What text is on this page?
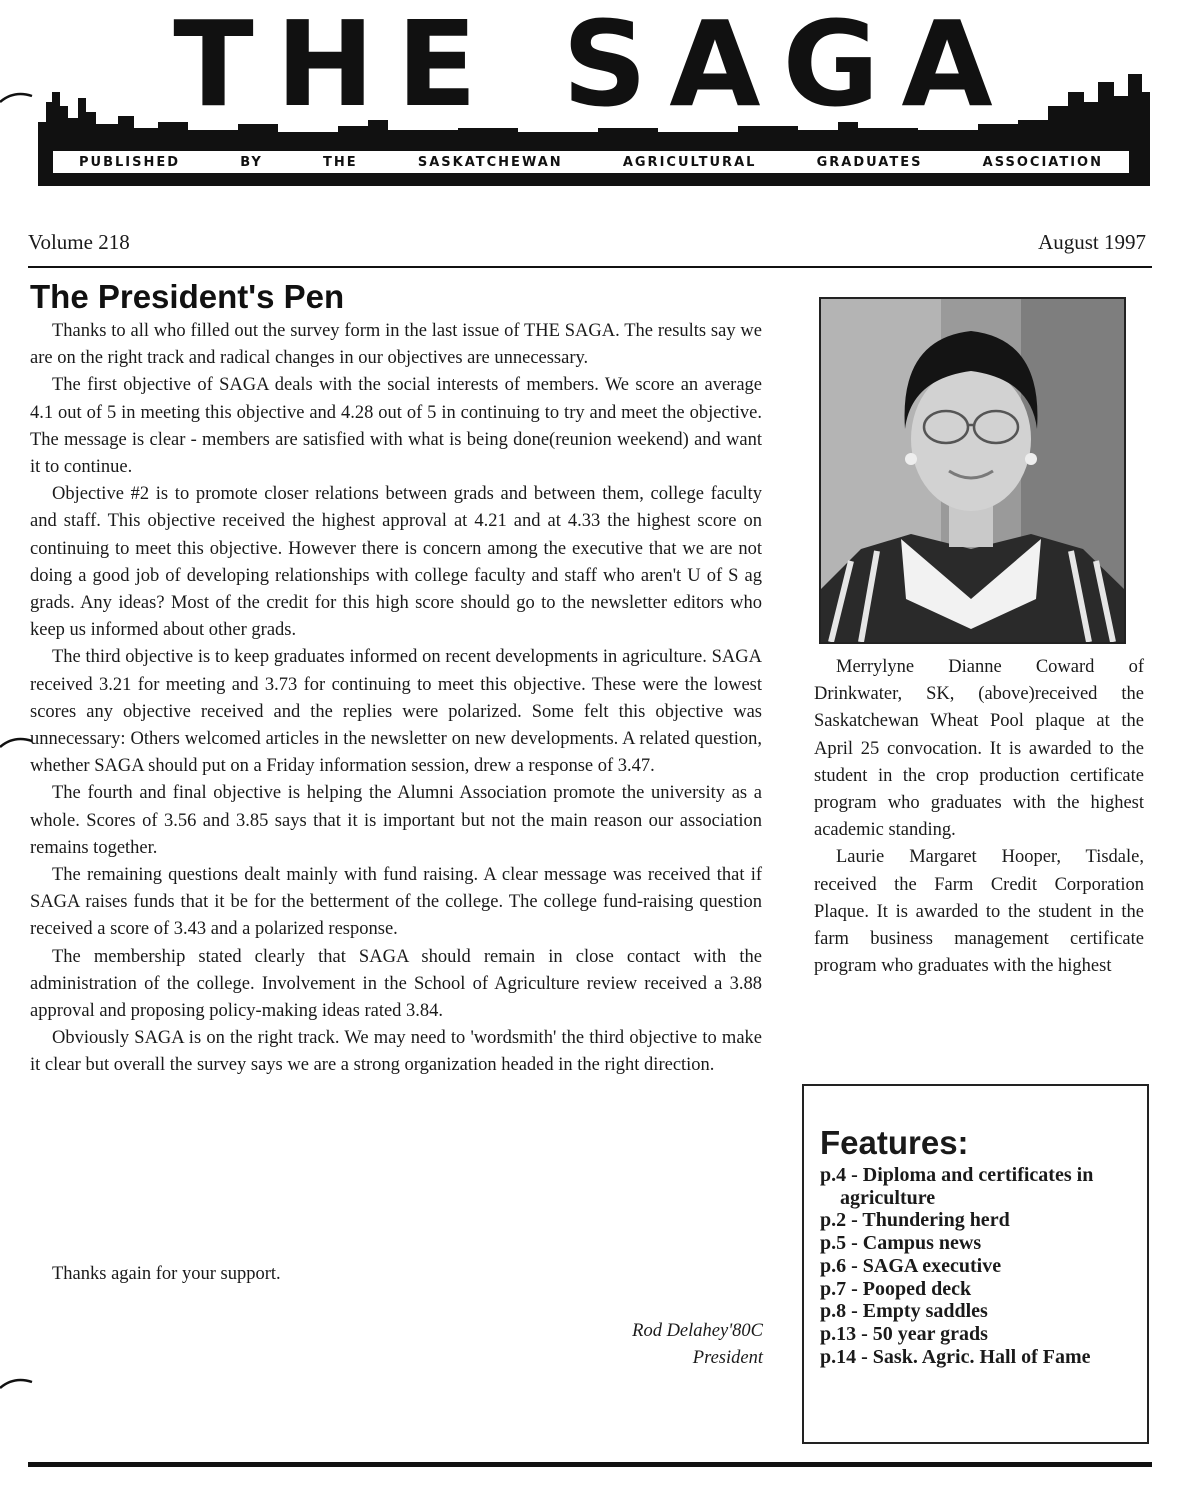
THE SAGA
PUBLISHED	BY	THE	SASKATCHEWAN	AGRICULTURAL	GRADUATES	ASSOCIATION
Volume 218	August 1997
The President's Pen

Thanks to all who filled out the survey form in the last issue of THE SAGA. The results say we are on the right track and radical changes in our objectives are unnecessary.

The first objective of SAGA deals with the social interests of members. We score an average 4.1 out of 5 in meeting this objective and 4.28 out of 5 in continuing to try and meet the objective. The message is clear - members are satisfied with what is being done(reunion weekend) and want it to continue.

Objective #2 is to promote closer relations between grads and between them, college faculty and staff. This objective received the highest approval at 4.21 and at 4.33 the highest score on continuing to meet this objective. However there is concern among the executive that we are not doing a good job of developing relationships with college faculty and staff who aren't U of S ag grads. Any ideas? Most of the credit for this high score should go to the newsletter editors who keep us informed about other grads.

The third objective is to keep graduates informed on recent developments in agriculture. SAGA received 3.21 for meeting and 3.73 for continuing to meet this objective. These were the lowest scores any objective received and the replies were polarized. Some felt this objective was unnecessary: Others welcomed articles in the newsletter on new developments. A related question, whether SAGA should put on a Friday information session, drew a response of 3.47.

The fourth and final objective is helping the Alumni Association promote the university as a whole. Scores of 3.56 and 3.85 says that it is important but not the main reason our association remains together.

The remaining questions dealt mainly with fund raising. A clear message was received that if SAGA raises funds that it be for the betterment of the college. The college fund-raising question received a score of 3.43 and a polarized response.

The membership stated clearly that SAGA should remain in close contact with the administration of the college. Involvement in the School of Agriculture review received a 3.88 approval and proposing policy-making ideas rated 3.84.

Obviously SAGA is on the right track. We may need to 'wordsmith' the third objective to make it clear but overall the survey says we are a strong organization headed in the right direction.

Thanks again for your support.
Rod Delahey'80C
President

Merrylyne Dianne Coward of Drinkwater, SK, (above)received the Saskatchewan Wheat Pool plaque at the April 25 convocation. It is awarded to the student in the crop production certificate program who graduates with the highest academic standing.

Laurie Margaret Hooper, Tisdale, received the Farm Credit Corporation Plaque. It is awarded to the student in the farm business management certificate program who graduates with the highest

Features:
p.4 - Diploma and certificates in agriculture
p.2 - Thundering herd
p.5 - Campus news
p.6 - SAGA executive
p.7 - Pooped deck
p.8 - Empty saddles
p.13 - 50 year grads
p.14 - Sask. Agric. Hall of Fame
